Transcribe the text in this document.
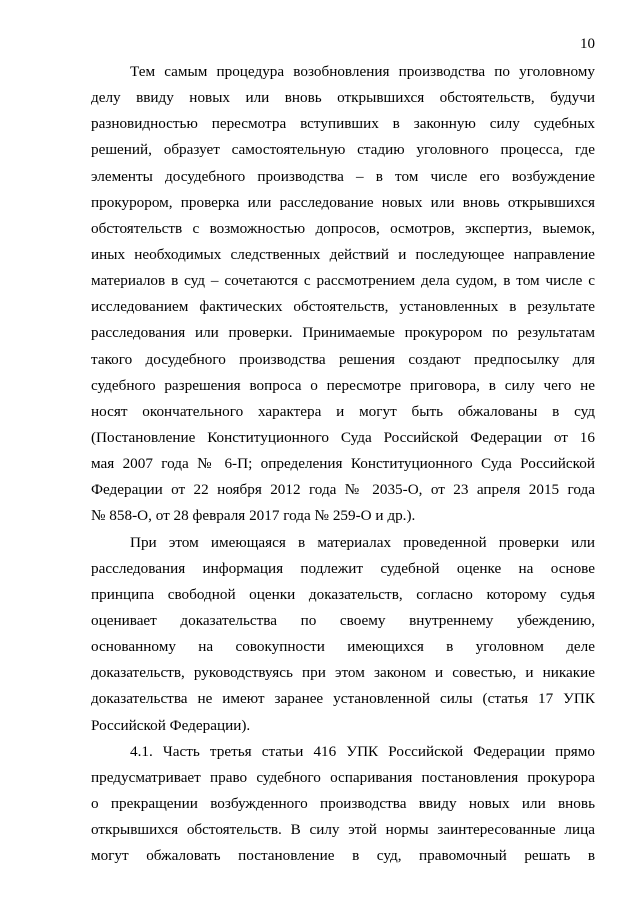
10
Тем самым процедура возобновления производства по уголовному
делу ввиду новых или вновь открывшихся обстоятельств, будучи
разновидностью пересмотра вступивших в законную силу судебных
решений, образует самостоятельную стадию уголовного процесса, где
элементы досудебного производства – в том числе его возбуждение
прокурором, проверка или расследование новых или вновь открывшихся
обстоятельств с возможностью допросов, осмотров, экспертиз, выемок,
иных необходимых следственных действий и последующее направление
материалов в суд – сочетаются с рассмотрением дела судом, в том числе с
исследованием фактических обстоятельств, установленных в результате
расследования или проверки. Принимаемые прокурором по результатам
такого досудебного производства решения создают предпосылку для
судебного разрешения вопроса о пересмотре приговора, в силу чего не
носят окончательного характера и могут быть обжалованы в суд
(Постановление Конституционного Суда Российской Федерации от 16
мая 2007 года № 6-П; определения Конституционного Суда Российской
Федерации от 22 ноября 2012 года № 2035-О, от 23 апреля 2015 года
№ 858-О, от 28 февраля 2017 года № 259-О и др.).
При этом имеющаяся в материалах проведенной проверки или
расследования информация подлежит судебной оценке на основе
принципа свободной оценки доказательств, согласно которому судья
оценивает доказательства по своему внутреннему убеждению,
основанному на совокупности имеющихся в уголовном деле
доказательств, руководствуясь при этом законом и совестью, и никакие
доказательства не имеют заранее установленной силы (статья 17 УПК
Российской Федерации).
4.1. Часть третья статьи 416 УПК Российской Федерации прямо
предусматривает право судебного оспаривания постановления прокурора
о прекращении возбужденного производства ввиду новых или вновь
открывшихся обстоятельств. В силу этой нормы заинтересованные лица
могут обжаловать постановление в суд, правомочный решать в
